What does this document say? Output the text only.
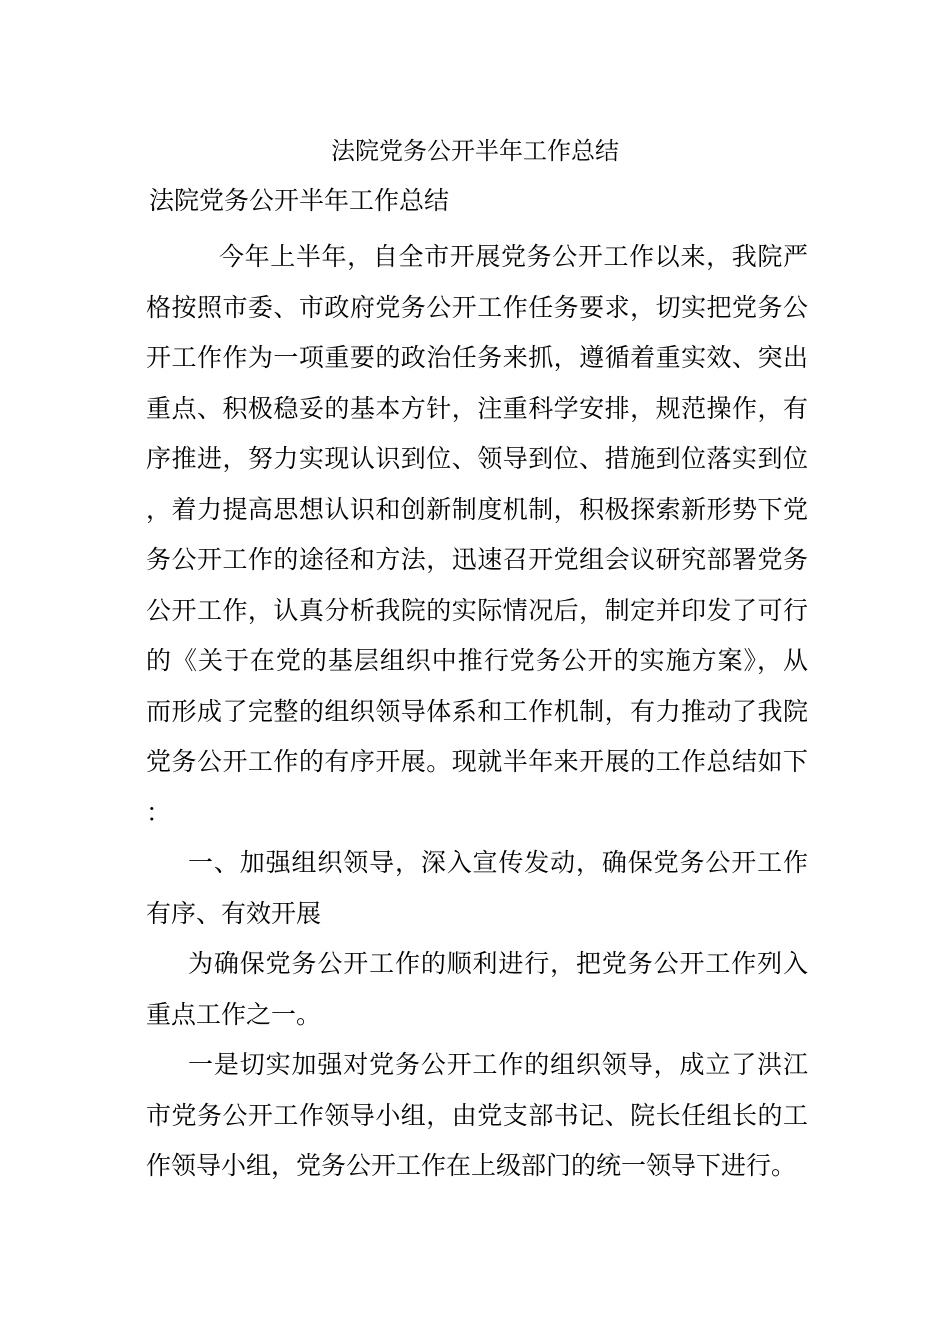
法院党务公开半年工作总结
法院党务公开半年工作总结

今年上半年，自全市开展党务公开工作以来，我院严格按照市委、市政府党务公开工作任务要求，切实把党务公开工作作为一项重要的政治任务来抓，遵循着重实效、突出重点、积极稳妥的基本方针，注重科学安排，规范操作，有序推进，努力实现认识到位、领导到位、措施到位落实到位，着力提高思想认识和创新制度机制，积极探索新形势下党务公开工作的途径和方法，迅速召开党组会议研究部署党务公开工作，认真分析我院的实际情况后，制定并印发了可行的《关于在党的基层组织中推行党务公开的实施方案》，从而形成了完整的组织领导体系和工作机制，有力推动了我院党务公开工作的有序开展。现就半年来开展的工作总结如下：

一、加强组织领导，深入宣传发动，确保党务公开工作有序、有效开展

为确保党务公开工作的顺利进行，把党务公开工作列入重点工作之一。

一是切实加强对党务公开工作的组织领导，成立了洪江市党务公开工作领导小组，由党支部书记、院长任组长的工作领导小组，党务公开工作在上级部门的统一领导下进行。
